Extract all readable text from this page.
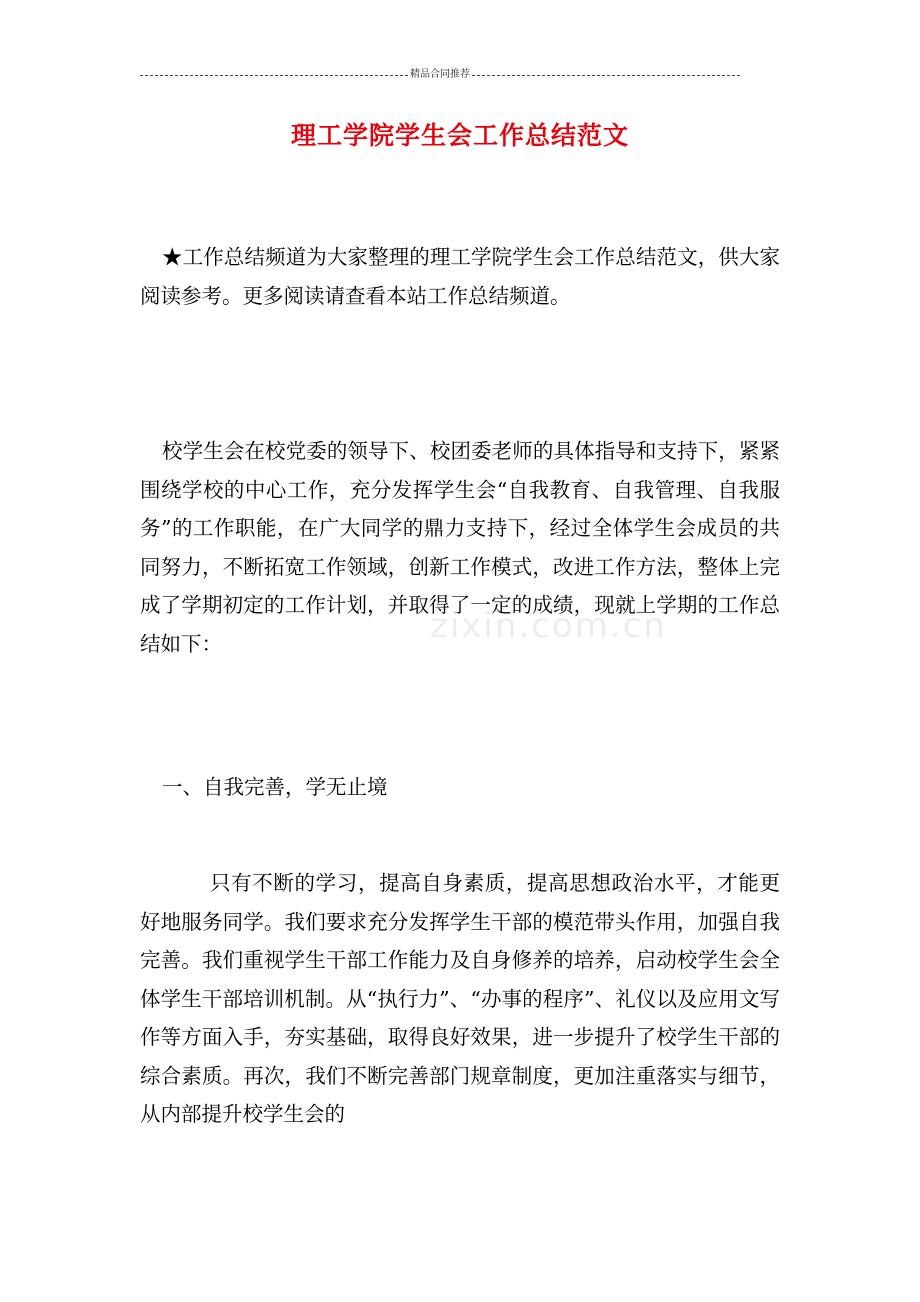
精品合同推荐
理工学院学生会工作总结范文

★工作总结频道为大家整理的理工学院学生会工作总结范文，供大家阅读参考。更多阅读请查看本站工作总结频道。

校学生会在校党委的领导下、校团委老师的具体指导和支持下，紧紧围绕学校的中心工作，充分发挥学生会“自我教育、自我管理、自我服务”的工作职能，在广大同学的鼎力支持下，经过全体学生会成员的共同努力，不断拓宽工作领域，创新工作模式，改进工作方法，整体上完成了学期初定的工作计划，并取得了一定的成绩，现就上学期的工作总结如下：	zixin.com.cn

一、自我完善，学无止境

只有不断的学习，提高自身素质，提高思想政治水平，才能更好地服务同学。我们要求充分发挥学生干部的模范带头作用，加强自我完善。我们重视学生干部工作能力及自身修养的培养，启动校学生会全体学生干部培训机制。从“执行力”、“办事的程序”、礼仪以及应用文写作等方面入手，夯实基础，取得良好效果，进一步提升了校学生干部的综合素质。再次，我们不断完善部门规章制度，更加注重落实与细节，从内部提升校学生会的
